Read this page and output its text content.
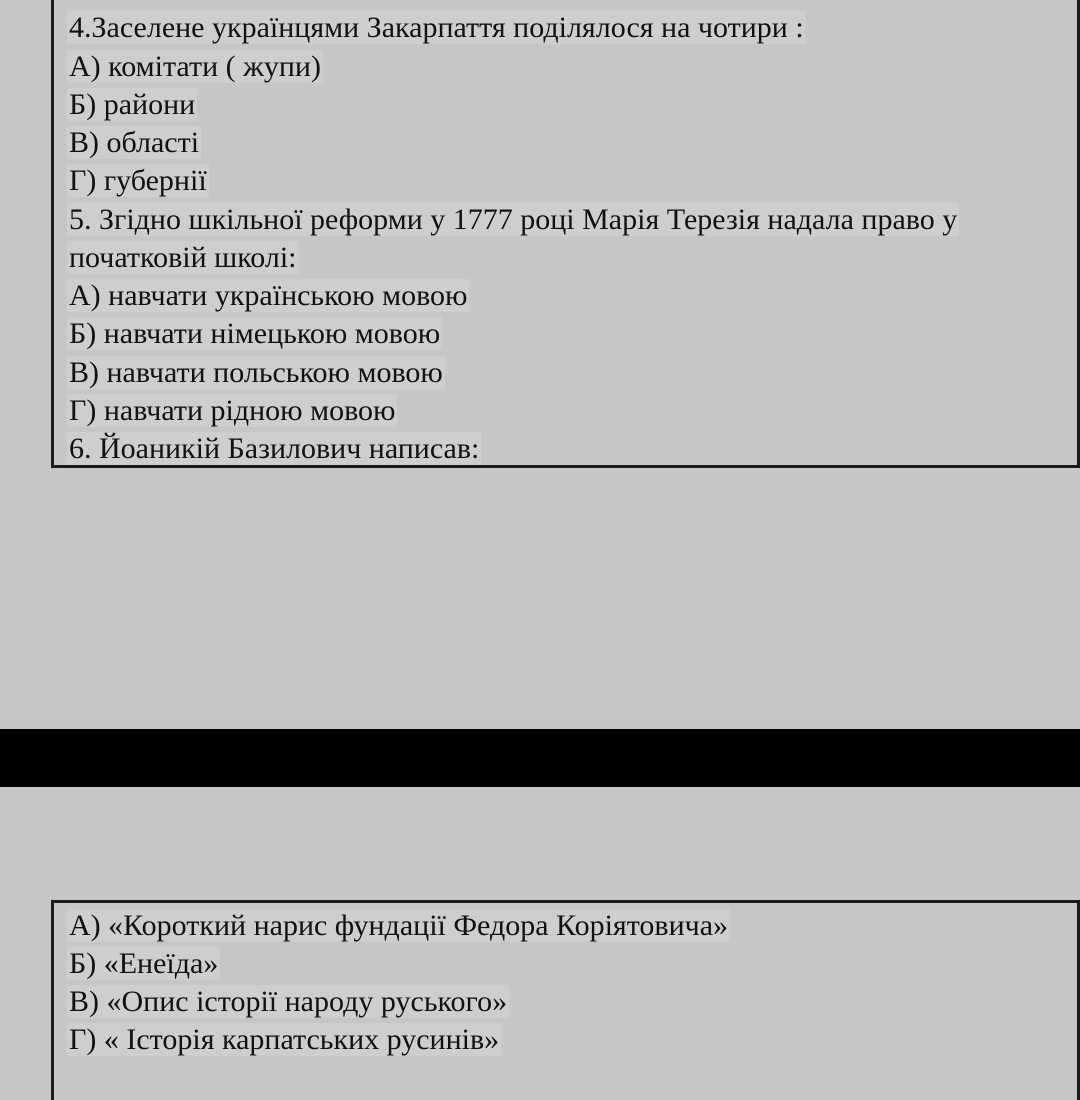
4.Заселене українцями Закарпаття поділялося на чотири :
А) комітати ( жупи)
Б) райони
В) області
Г) губернії
5. Згідно шкільної реформи у 1777 році Марія Терезія надала право у
початковій школі:
А) навчати українською мовою
Б) навчати німецькою мовою
В) навчати польською мовою
Г) навчати рідною мовою
6. Йоаникій Базилович написав:
А) «Короткий нарис фундації Федора Коріятовича»
Б) «Енеїда»
В) «Опис історії народу руського»
Г) « Історія карпатських русинів»
